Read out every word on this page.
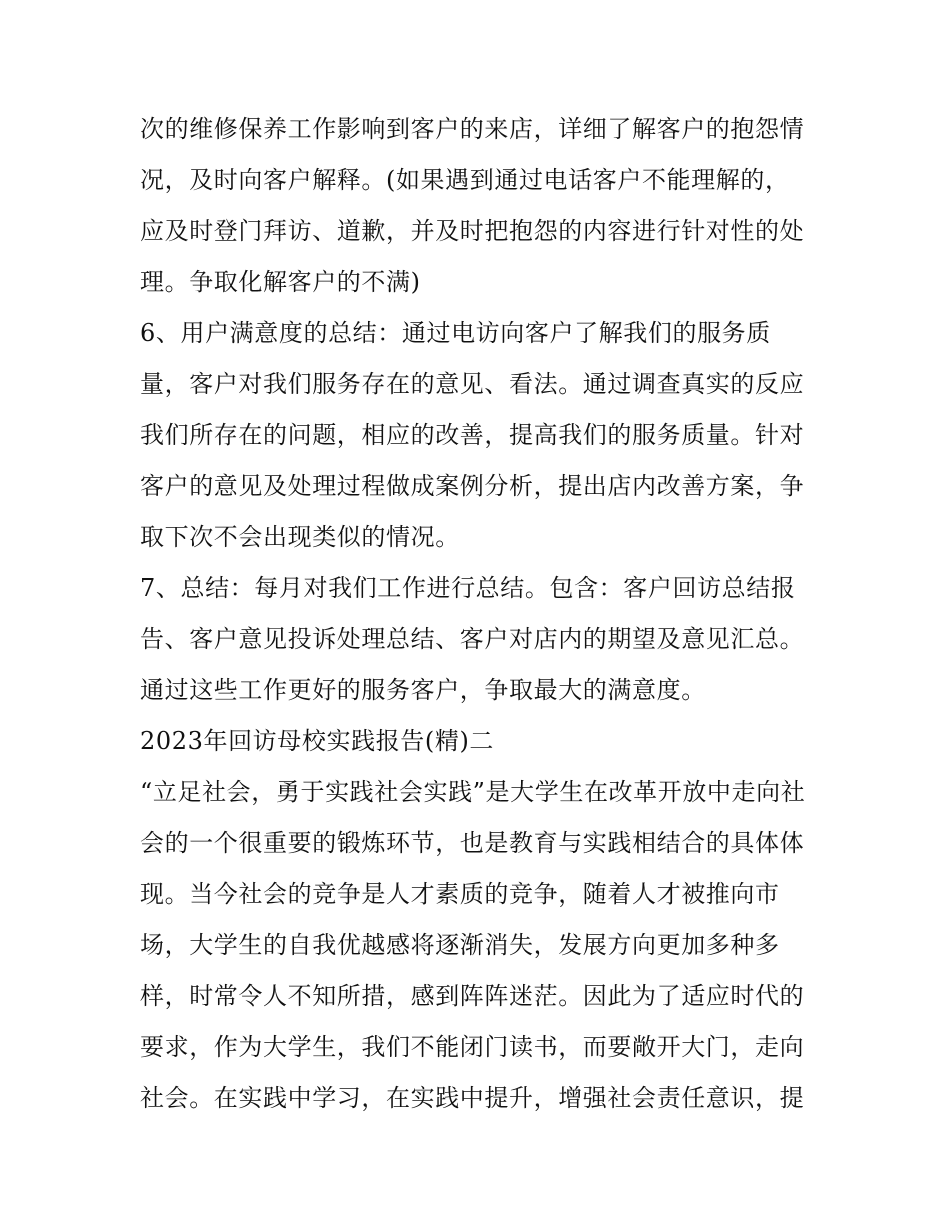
次的维修保养工作影响到客户的来店，详细了解客户的抱怨情
况，及时向客户解释。(如果遇到通过电话客户不能理解的，
应及时登门拜访、道歉，并及时把抱怨的内容进行针对性的处
理。争取化解客户的不满)
6、用户满意度的总结：通过电访向客户了解我们的服务质
量，客户对我们服务存在的意见、看法。通过调查真实的反应
我们所存在的问题，相应的改善，提高我们的服务质量。针对
客户的意见及处理过程做成案例分析，提出店内改善方案，争
取下次不会出现类似的情况。
7、总结：每月对我们工作进行总结。包含：客户回访总结报
告、客户意见投诉处理总结、客户对店内的期望及意见汇总。
通过这些工作更好的服务客户，争取最大的满意度。
2023年回访母校实践报告(精)二
“立足社会，勇于实践社会实践”是大学生在改革开放中走向社
会的一个很重要的锻炼环节，也是教育与实践相结合的具体体
现。当今社会的竞争是人才素质的竞争，随着人才被推向市
场，大学生的自我优越感将逐渐消失，发展方向更加多种多
样，时常令人不知所措，感到阵阵迷茫。因此为了适应时代的
要求，作为大学生，我们不能闭门读书，而要敞开大门，走向
社会。在实践中学习，在实践中提升，增强社会责任意识，提
